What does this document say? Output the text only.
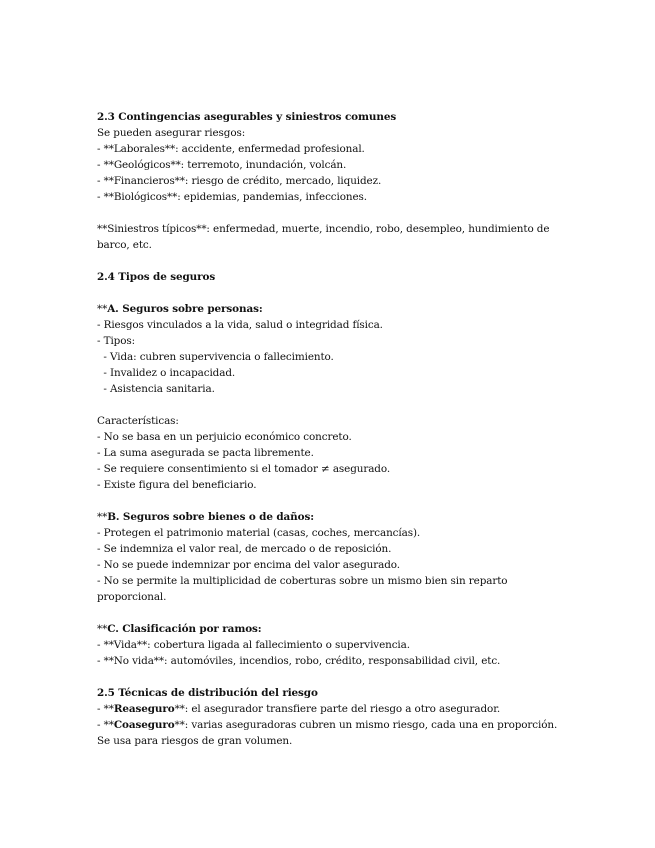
2.3 Contingencias asegurables y siniestros comunes
Se pueden asegurar riesgos:
- **Laborales**: accidente, enfermedad profesional.
- **Geológicos**: terremoto, inundación, volcán.
- **Financieros**: riesgo de crédito, mercado, liquidez.
- **Biológicos**: epidemias, pandemias, infecciones.
**Siniestros típicos**: enfermedad, muerte, incendio, robo, desempleo, hundimiento de barco, etc.
2.4 Tipos de seguros
**A. Seguros sobre personas:
- Riesgos vinculados a la vida, salud o integridad física.
- Tipos:
- Vida: cubren supervivencia o fallecimiento.
- Invalidez o incapacidad.
- Asistencia sanitaria.
Características:
- No se basa en un perjuicio económico concreto.
- La suma asegurada se pacta libremente.
- Se requiere consentimiento si el tomador ≠ asegurado.
- Existe figura del beneficiario.
**B. Seguros sobre bienes o de daños:
- Protegen el patrimonio material (casas, coches, mercancías).
- Se indemniza el valor real, de mercado o de reposición.
- No se puede indemnizar por encima del valor asegurado.
- No se permite la multiplicidad de coberturas sobre un mismo bien sin reparto proporcional.
**C. Clasificación por ramos:
- **Vida**: cobertura ligada al fallecimiento o supervivencia.
- **No vida**: automóviles, incendios, robo, crédito, responsabilidad civil, etc.
2.5 Técnicas de distribución del riesgo
- **Reaseguro**: el asegurador transfiere parte del riesgo a otro asegurador.
- **Coaseguro**: varias aseguradoras cubren un mismo riesgo, cada una en proporción. Se usa para riesgos de gran volumen.
